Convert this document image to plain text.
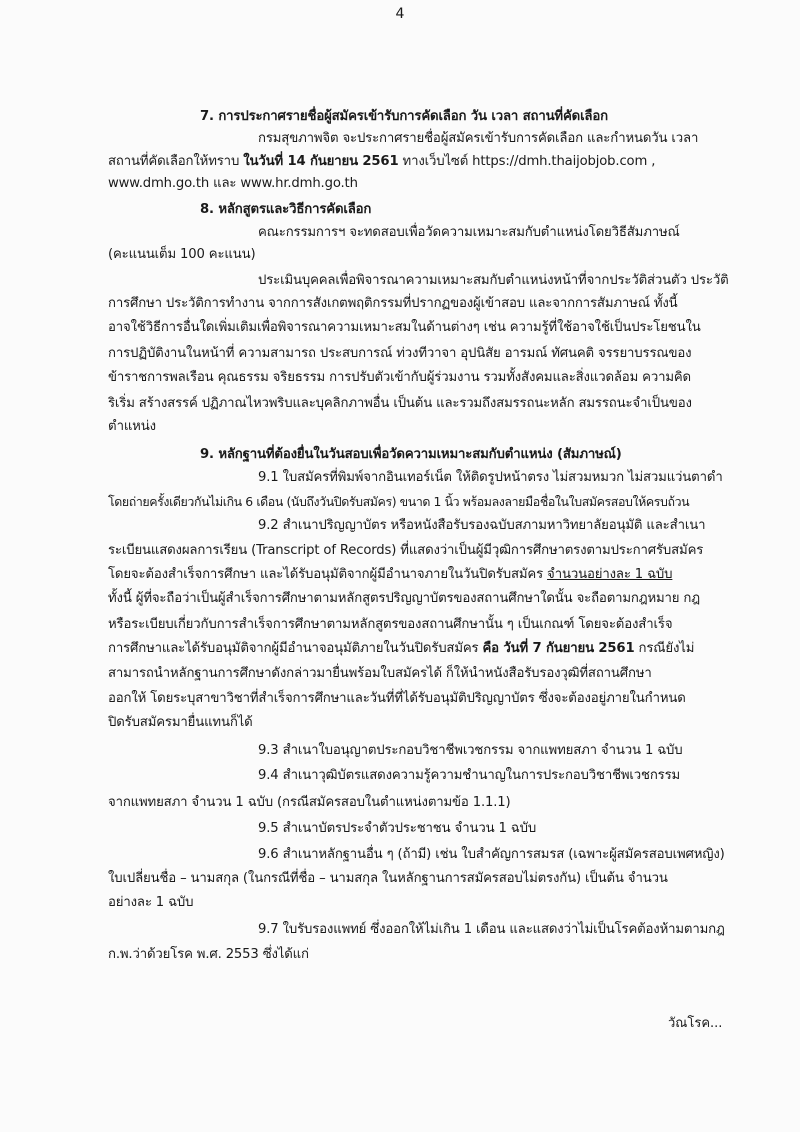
4
7. การประกาศรายชื่อผู้สมัครเข้ารับการคัดเลือก วัน เวลา สถานที่คัดเลือก
กรมสุขภาพจิต จะประกาศรายชื่อผู้สมัครเข้ารับการคัดเลือก และกำหนดวัน เวลา
สถานที่คัดเลือกให้ทราบ ในวันที่ 14 กันยายน 2561 ทางเว็บไซต์ https://dmh.thaijobjob.com ,
www.dmh.go.th และ www.hr.dmh.go.th
8. หลักสูตรและวิธีการคัดเลือก
คณะกรรมการฯ จะทดสอบเพื่อวัดความเหมาะสมกับตำแหน่งโดยวิธีสัมภาษณ์
(คะแนนเต็ม 100 คะแนน)
ประเมินบุคคลเพื่อพิจารณาความเหมาะสมกับตำแหน่งหน้าที่จากประวัติส่วนตัว ประวัติ
การศึกษา ประวัติการทำงาน จากการสังเกตพฤติกรรมที่ปรากฏของผู้เข้าสอบ และจากการสัมภาษณ์ ทั้งนี้
อาจใช้วิธีการอื่นใดเพิ่มเติมเพื่อพิจารณาความเหมาะสมในด้านต่างๆ เช่น ความรู้ที่ใช้อาจใช้เป็นประโยชนใน
การปฏิบัติงานในหน้าที่ ความสามารถ ประสบการณ์ ท่วงทีวาจา อุปนิสัย อารมณ์ ทัศนคติ จรรยาบรรณของ
ข้าราชการพลเรือน คุณธรรม จริยธรรม การปรับตัวเข้ากับผู้ร่วมงาน รวมทั้งสังคมและสิ่งแวดล้อม ความคิด
ริเริ่ม สร้างสรรค์ ปฏิภาณไหวพริบและบุคลิกภาพอื่น เป็นต้น และรวมถึงสมรรถนะหลัก สมรรถนะจำเป็นของ
ตำแหน่ง
9. หลักฐานที่ต้องยื่นในวันสอบเพื่อวัดความเหมาะสมกับตำแหน่ง (สัมภาษณ์)
9.1 ใบสมัครที่พิมพ์จากอินเทอร์เน็ต ให้ติดรูปหน้าตรง ไม่สวมหมวก ไม่สวมแว่นตาดำ
โดยถ่ายครั้งเดียวกันไม่เกิน 6 เดือน (นับถึงวันปิดรับสมัคร) ขนาด 1 นิ้ว พร้อมลงลายมือชื่อในใบสมัครสอบให้ครบถ้วน
9.2 สำเนาปริญญาบัตร หรือหนังสือรับรองฉบับสภามหาวิทยาลัยอนุมัติ และสำเนา
ระเบียนแสดงผลการเรียน (Transcript of Records) ที่แสดงว่าเป็นผู้มีวุฒิการศึกษาตรงตามประกาศรับสมัคร
โดยจะต้องสำเร็จการศึกษา และได้รับอนุมัติจากผู้มีอำนาจภายในวันปิดรับสมัคร จำนวนอย่างละ 1 ฉบับ
ทั้งนี้ ผู้ที่จะถือว่าเป็นผู้สำเร็จการศึกษาตามหลักสูตรปริญญาบัตรของสถานศึกษาใดนั้น จะถือตามกฎหมาย กฎ
หรือระเบียบเกี่ยวกับการสำเร็จการศึกษาตามหลักสูตรของสถานศึกษานั้น ๆ เป็นเกณฑ์ โดยจะต้องสำเร็จ
การศึกษาและได้รับอนุมัติจากผู้มีอำนาจอนุมัติภายในวันปิดรับสมัคร คือ วันที่ 7 กันยายน 2561 กรณียังไม่
สามารถนำหลักฐานการศึกษาดังกล่าวมายื่นพร้อมใบสมัครได้ ก็ให้นำหนังสือรับรองวุฒิที่สถานศึกษา
ออกให้ โดยระบุสาขาวิชาที่สำเร็จการศึกษาและวันที่ที่ได้รับอนุมัติปริญญาบัตร ซึ่งจะต้องอยู่ภายในกำหนด
ปิดรับสมัครมายื่นแทนก็ได้
9.3 สำเนาใบอนุญาตประกอบวิชาชีพเวชกรรม จากแพทยสภา จำนวน 1 ฉบับ
9.4 สำเนาวุฒิบัตรแสดงความรู้ความชำนาญในการประกอบวิชาชีพเวชกรรม
จากแพทยสภา จำนวน 1 ฉบับ (กรณีสมัครสอบในตำแหน่งตามข้อ 1.1.1)
9.5 สำเนาบัตรประจำตัวประชาชน จำนวน 1 ฉบับ
9.6 สำเนาหลักฐานอื่น ๆ (ถ้ามี) เช่น ใบสำคัญการสมรส (เฉพาะผู้สมัครสอบเพศหญิง)
ใบเปลี่ยนชื่อ – นามสกุล (ในกรณีที่ชื่อ – นามสกุล ในหลักฐานการสมัครสอบไม่ตรงกัน) เป็นต้น จำนวน
อย่างละ 1 ฉบับ
9.7 ใบรับรองแพทย์ ซึ่งออกให้ไม่เกิน 1 เดือน และแสดงว่าไม่เป็นโรคต้องห้ามตามกฎ
ก.พ.ว่าด้วยโรค พ.ศ. 2553 ซึ่งได้แก่
วัณโรค...
